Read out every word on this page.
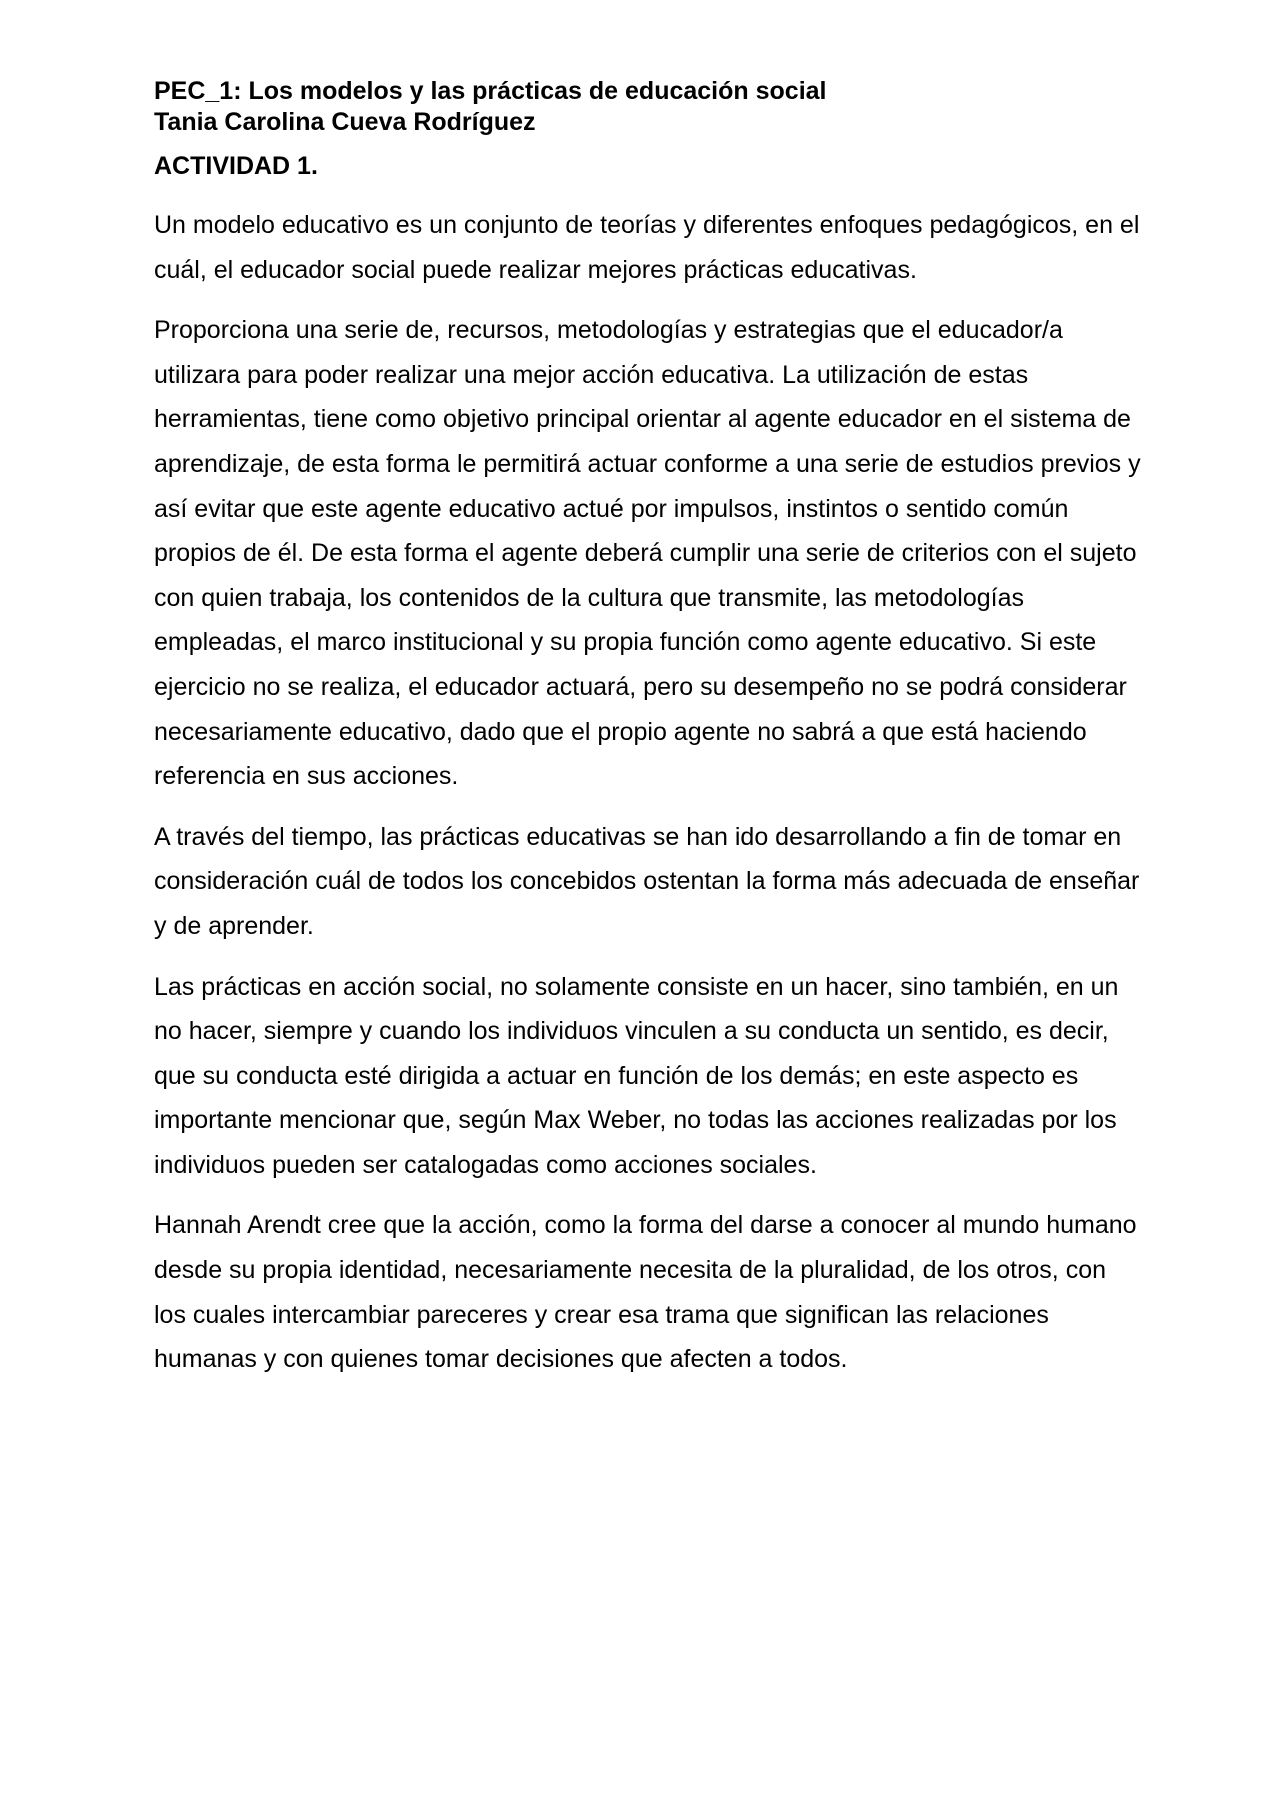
PEC_1: Los modelos y las prácticas de educación social

Tania Carolina Cueva Rodríguez

ACTIVIDAD 1.

Un modelo educativo es un conjunto de teorías y diferentes enfoques pedagógicos, en el cuál, el educador social puede realizar mejores prácticas educativas.

Proporciona una serie de, recursos, metodologías y estrategias que el educador/a utilizara para poder realizar una mejor acción educativa. La utilización de estas herramientas, tiene como objetivo principal orientar al agente educador en el sistema de aprendizaje, de esta forma le permitirá actuar conforme a una serie de estudios previos y así evitar que este agente educativo actué por impulsos, instintos o sentido común propios de él. De esta forma el agente deberá cumplir una serie de criterios con el sujeto con quien trabaja, los contenidos de la cultura que transmite, las metodologías empleadas, el marco institucional y su propia función como agente educativo. Si este ejercicio no se realiza, el educador actuará, pero su desempeño no se podrá considerar necesariamente educativo, dado que el propio agente no sabrá a que está haciendo referencia en sus acciones.

A través del tiempo, las prácticas educativas se han ido desarrollando a fin de tomar en consideración cuál de todos los concebidos ostentan la forma más adecuada de enseñar y de aprender.

Las prácticas en acción social, no solamente consiste en un hacer, sino también, en un no hacer, siempre y cuando los individuos vinculen a su conducta un sentido, es decir, que su conducta esté dirigida a actuar en función de los demás; en este aspecto es importante mencionar que, según Max Weber, no todas las acciones realizadas por los individuos pueden ser catalogadas como acciones sociales.

Hannah Arendt cree que la acción, como la forma del darse a conocer al mundo humano desde su propia identidad, necesariamente necesita de la pluralidad, de los otros, con los cuales intercambiar pareceres y crear esa trama que significan las relaciones humanas y con quienes tomar decisiones que afecten a todos.
